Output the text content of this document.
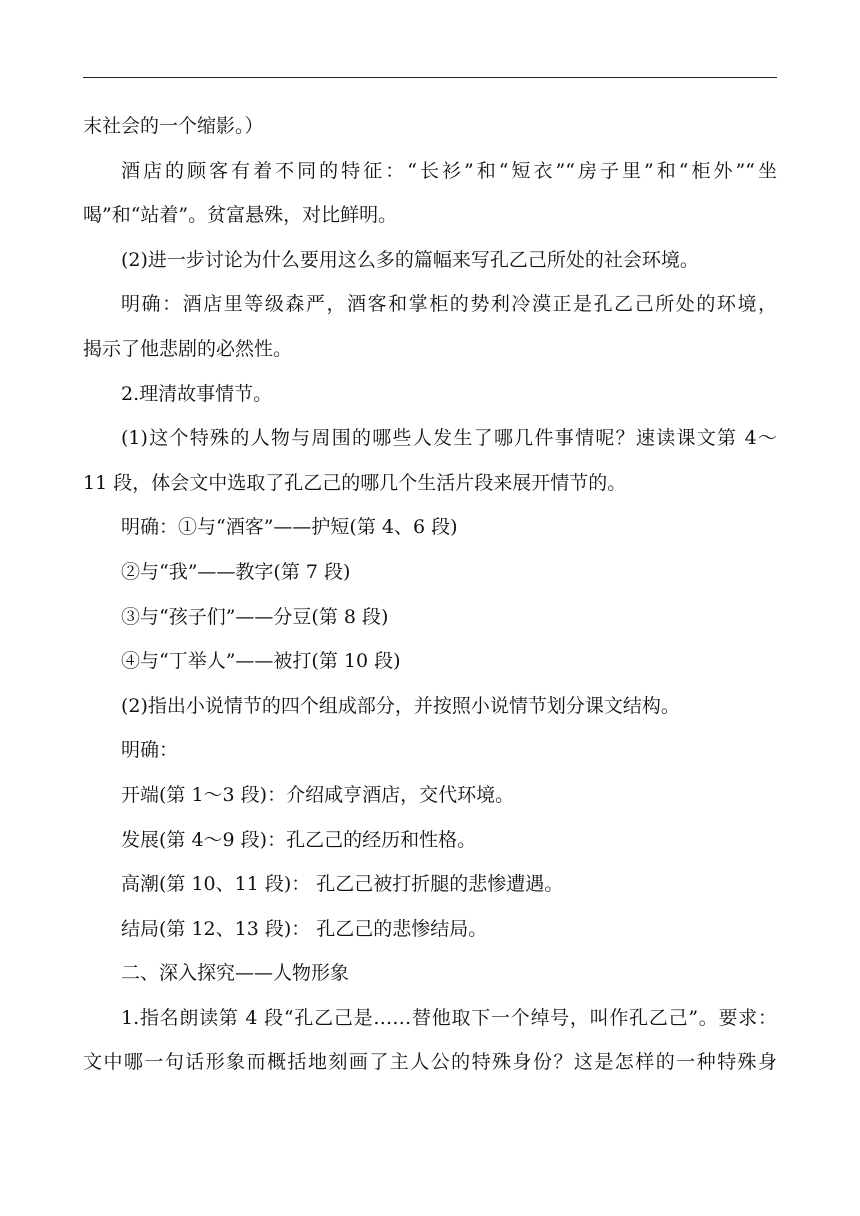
末社会的一个缩影。）
酒店的顾客有着不同的特征：“长衫”和“短衣”“房子里”和“柜外”“坐
喝”和“站着”。贫富悬殊，对比鲜明。
(2)进一步讨论为什么要用这么多的篇幅来写孔乙己所处的社会环境。
明确：酒店里等级森严，酒客和掌柜的势利冷漠正是孔乙己所处的环境，
揭示了他悲剧的必然性。
2.理清故事情节。
(1)这个特殊的人物与周围的哪些人发生了哪几件事情呢？速读课文第 4～
11 段，体会文中选取了孔乙己的哪几个生活片段来展开情节的。
明确：①与“酒客”——护短(第 4、6 段)
②与“我”——教字(第 7 段)
③与“孩子们”——分豆(第 8 段)
④与“丁举人”——被打(第 10 段)
(2)指出小说情节的四个组成部分，并按照小说情节划分课文结构。
明确：
开端(第 1～3 段)：介绍咸亨酒店，交代环境。
发展(第 4～9 段)：孔乙己的经历和性格。
高潮(第 10、11 段)： 孔乙己被打折腿的悲惨遭遇。
结局(第 12、13 段)： 孔乙己的悲惨结局。
二、深入探究——人物形象
1.指名朗读第 4 段“孔乙己是……替他取下一个绰号，叫作孔乙己”。要求：
文中哪一句话形象而概括地刻画了主人公的特殊身份？这是怎样的一种特殊身
